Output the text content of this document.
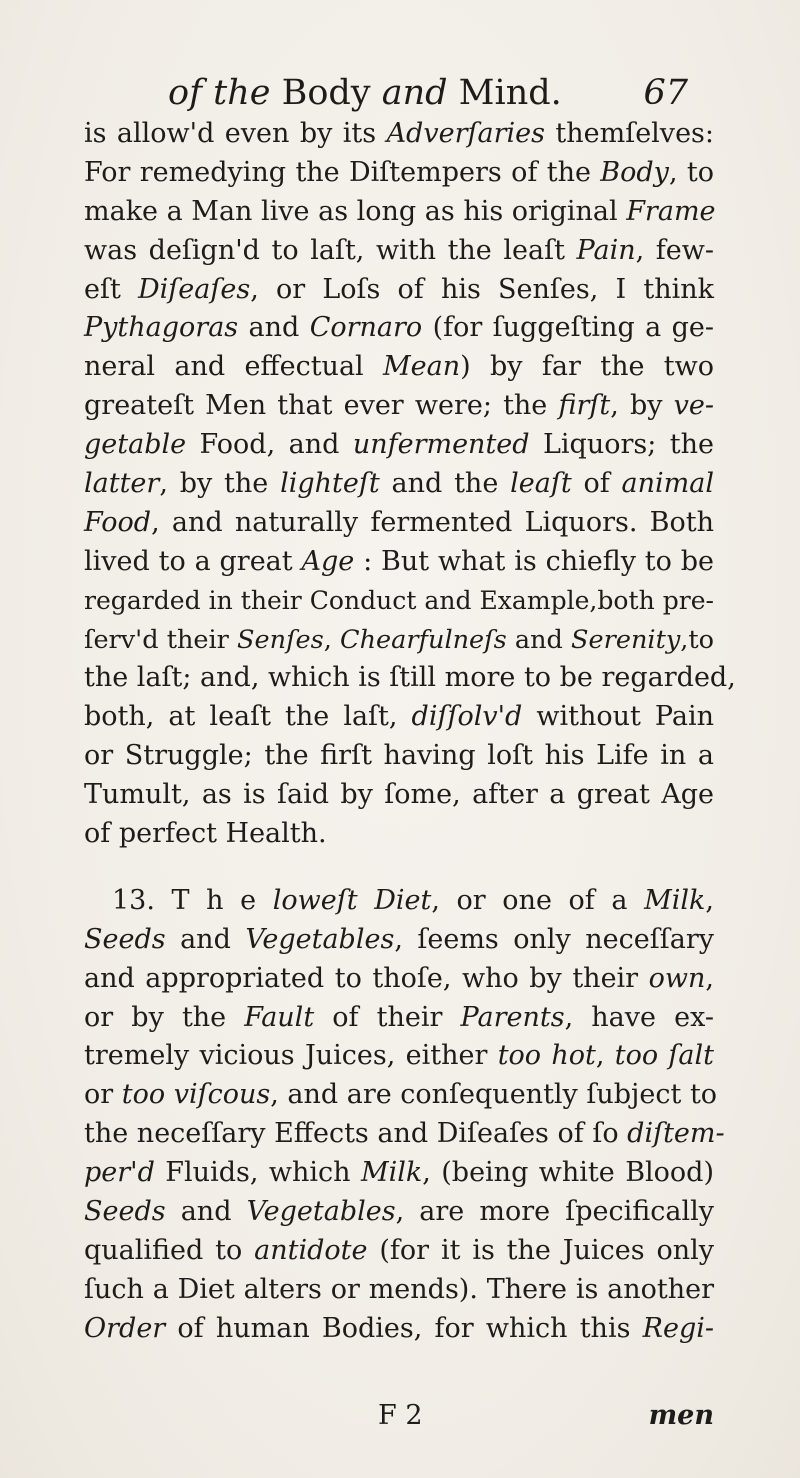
of the Body and Mind. 67
is allow'd even by its Adverſaries themſelves:
For remedying the Diſtempers of the Body, to
make a Man live as long as his original Frame
was deſign'd to laſt, with the leaſt Pain, few-
eſt Diſeaſes, or Loſs of his Senſes, I think
Pythagoras and Cornaro (for ſuggeſting a ge-
neral and effectual Mean) by far the two
greateſt Men that ever were; the firſt, by ve-
getable Food, and unfermented Liquors; the
latter, by the lighteſt and the leaſt of animal
Food, and naturally fermented Liquors. Both
lived to a great Age : But what is chiefly to be
regarded in their Conduct and Example,both pre-
ſerv'd their Senſes, Chearfulneſs and Serenity,to
the laſt; and, which is ſtill more to be regarded,
both, at leaſt the laſt, diſſolv'd without Pain
or Struggle; the firſt having loſt his Life in a
Tumult, as is ſaid by ſome, after a great Age
of perfect Health.
13. T h e loweſt Diet, or one of a Milk,
Seeds and Vegetables, ſeems only neceſſary
and appropriated to thoſe, who by their own,
or by the Fault of their Parents, have ex-
tremely vicious Juices, either too hot, too ſalt
or too viſcous, and are conſequently ſubject to
the neceſſary Effects and Diſeaſes of ſo diſtem-
per'd Fluids, which Milk, (being white Blood)
Seeds and Vegetables, are more ſpecifically
qualified to antidote (for it is the Juices only
ſuch a Diet alters or mends). There is another
Order of human Bodies, for which this Regi-
F 2	men
